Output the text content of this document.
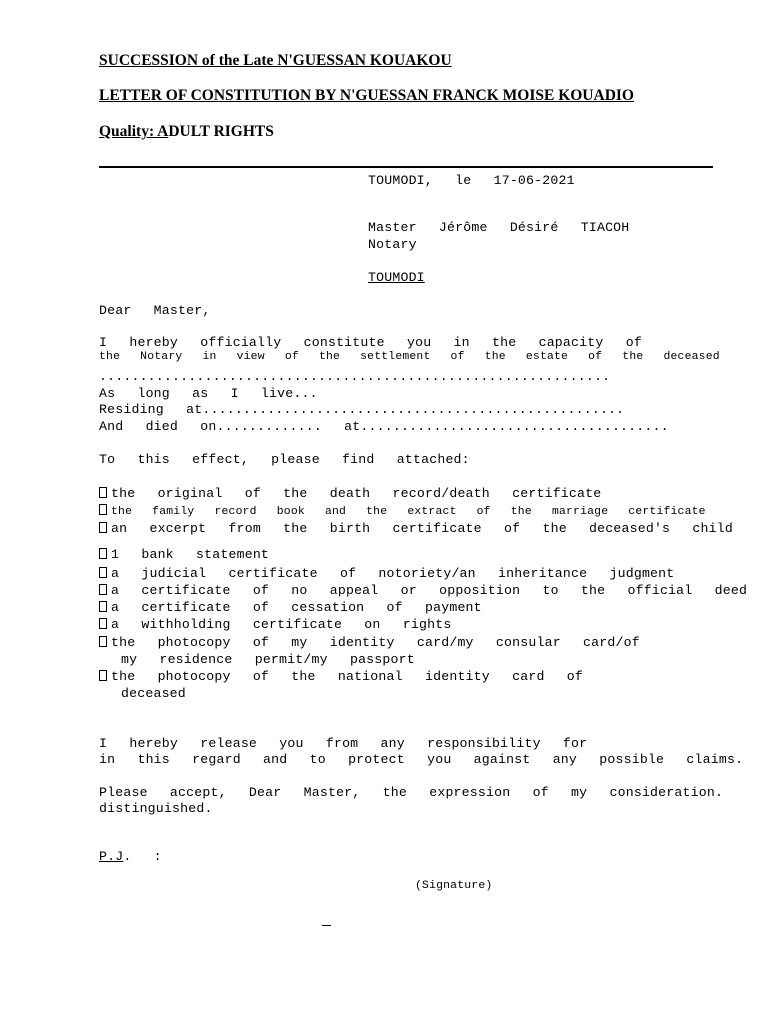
SUCCESSION of the Late N'GUESSAN KOUAKOU
LETTER OF CONSTITUTION BY N'GUESSAN FRANCK MOISE KOUADIO
Quality: ADULT RIGHTS
TOUMODI,  le  17-06-2021
Master  Jérôme  Désiré  TIACOH
Notary
TOUMODI
Dear  Master,
I  hereby  officially  constitute  you  in  the  capacity  of
the  Notary  in  view  of  the  settlement  of  the  estate  of  the  deceased
...............................................................
As  long  as  I  live...
Residing  at....................................................
And  died  on.............  at......................................
To  this  effect,  please  find  attached:
the  original  of  the  death  record/death  certificate
the  family  record  book  and  the  extract  of  the  marriage  certificate
an  excerpt  from  the  birth  certificate  of  the  deceased's  child
1  bank  statement
a  judicial  certificate  of  notoriety/an  inheritance  judgment
a  certificate  of  no  appeal  or  opposition  to  the  official  deed
a  certificate  of  cessation  of  payment
a  withholding  certificate  on  rights
the  photocopy  of  my  identity  card/my  consular  card/of
my  residence  permit/my  passport
the  photocopy  of  the  national  identity  card  of
deceased
I  hereby  release  you  from  any  responsibility  for
in  this  regard  and  to  protect  you  against  any  possible  claims.
Please  accept,  Dear  Master,  the  expression  of  my  consideration.
distinguished.
P.J.  :
(Signature)
